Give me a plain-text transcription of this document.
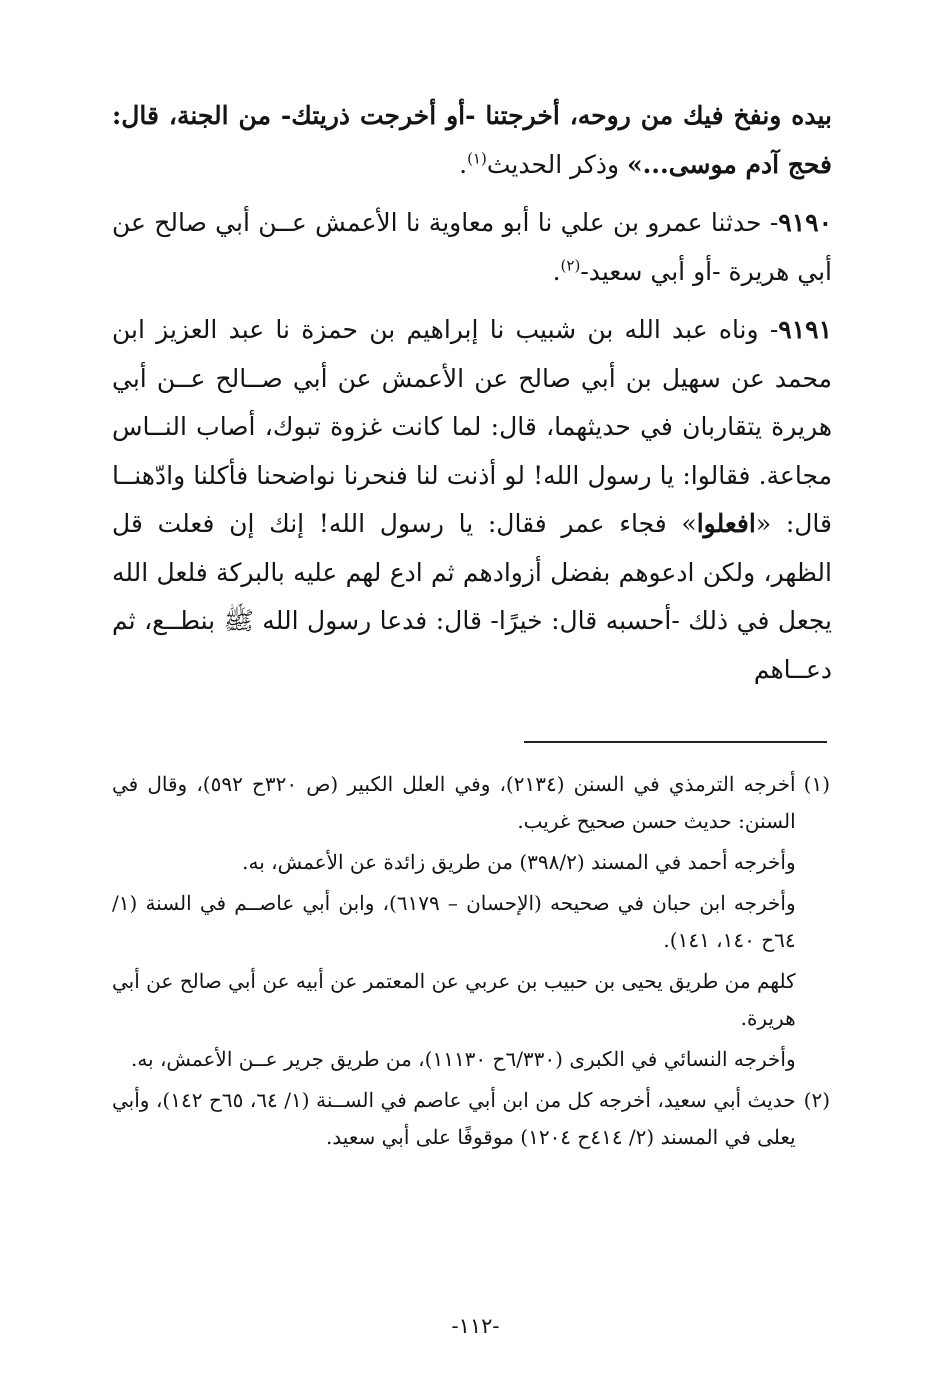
بيده ونفخ فيك من روحه، أخرجتنا -أو أخرجت ذريتك- من الجنة، قال: فحج آدم موسى...» وذكر الحديث$^{(١)}$.

٩١٩٠- حدثنا عمرو بن علي نا أبو معاوية نا الأعمش عــن أبي صالح عن أبي هريرة -أو أبي سعيد-$^{(٢)}$.

٩١٩١- وناه عبد الله بن شبيب نا إبراهيم بن حمزة نا عبد العزيز ابن محمد عن سهيل بن أبي صالح عن الأعمش عن أبي صــالح عــن أبي هريرة يتقاربان في حديثهما، قال: لما كانت غزوة تبوك، أصاب النــاس مجاعة. فقالوا: يا رسول الله! لو أذنت لنا فنحرنا نواضحنا فأكلنا وادّهنــا قال: «افعلوا» فجاء عمر فقال: يا رسول الله! إنك إن فعلت قل الظهر، ولكن ادعوهم بفضل أزوادهم ثم ادع لهم عليه بالبركة فلعل الله يجعل في ذلك -أحسبه قال: خيرًا- قال: فدعا رسول الله ﷺ بنطــع، ثم دعــاهم

(١)

أخرجه الترمذي في السنن (٢١٣٤)، وفي العلل الكبير (ص ٣٢٠ح ٥٩٢)، وقال في السنن: حديث حسن صحيح غريب.

وأخرجه أحمد في المسند (٣٩٨/٢) من طريق زائدة عن الأعمش، به.

وأخرجه ابن حبان في صحيحه (الإحسان – ٦١٧٩)، وابن أبي عاصــم في السنة (١/ ٦٤ح ١٤٠، ١٤١).

كلهم من طريق يحيى بن حبيب بن عربي عن المعتمر عن أبيه عن أبي صالح عن أبي هريرة.

وأخرجه النسائي في الكبرى (٦/٣٣٠ح ١١١٣٠)، من طريق جرير عــن الأعمش، به.

(٢)

حديث أبي سعيد، أخرجه كل من ابن أبي عاصم في الســنة (١/ ٦٤، ٦٥ح ١٤٢)، وأبي يعلى في المسند (٢/ ٤١٤ح ١٢٠٤) موقوفًا على أبي سعيد.

-١١٢-
